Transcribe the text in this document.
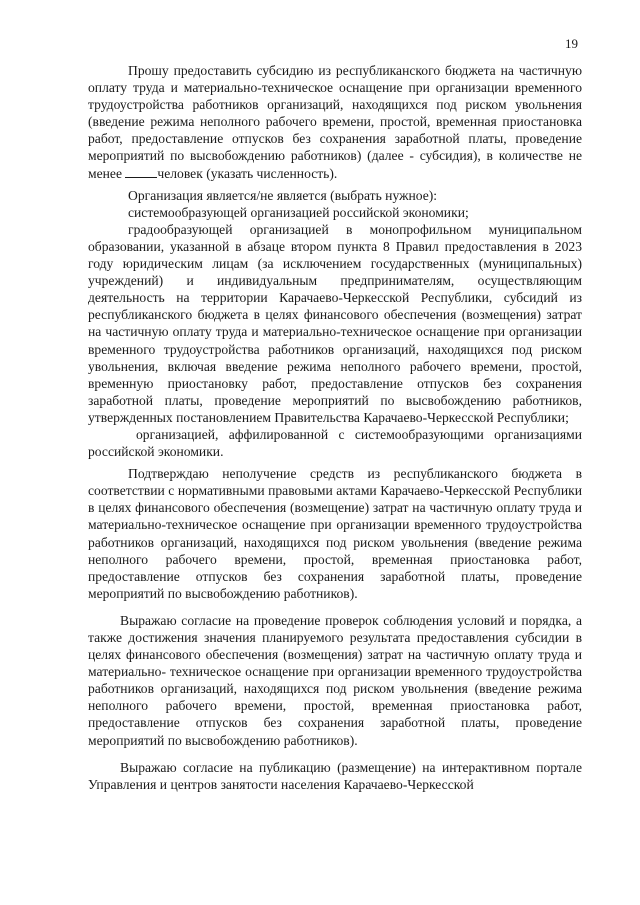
19

Прошу предоставить субсидию из республиканского бюджета на частичную оплату труда и материально-техническое оснащение при организации временного трудоустройства работников организаций, находящихся под риском увольнения (введение режима неполного рабочего времени, простой, временная приостановка работ, предоставление отпусков без сохранения заработной платы, проведение мероприятий по высвобождению работников) (далее - субсидия), в количестве не менее человек (указать численность).

Организация является/не является (выбрать нужное):

системообразующей организацией российской экономики;

градообразующей организацией в монопрофильном муниципальном образовании, указанной в абзаце втором пункта 8 Правил предоставления в 2023 году юридическим лицам (за исключением государственных (муниципальных) учреждений) и индивидуальным предпринимателям, осуществляющим деятельность на территории Карачаево-Черкесской Республики, субсидий из республиканского бюджета в целях финансового обеспечения (возмещения) затрат на частичную оплату труда и материально-техническое оснащение при организации временного трудоустройства работников организаций, находящихся под риском увольнения, включая введение режима неполного рабочего времени, простой, временную приостановку работ, предоставление отпусков без сохранения заработной платы, проведение мероприятий по высвобождению работников, утвержденных постановлением Правительства Карачаево-Черкесской Республики;

организацией, аффилированной с системообразующими организациями российской экономики.

Подтверждаю неполучение средств из республиканского бюджета в соответствии с нормативными правовыми актами Карачаево-Черкесской Республики в целях финансового обеспечения (возмещение) затрат на частичную оплату труда и материально-техническое оснащение при организации временного трудоустройства работников организаций, находящихся под риском увольнения (введение режима неполного рабочего времени, простой, временная приостановка работ, предоставление отпусков без сохранения заработной платы, проведение мероприятий по высвобождению работников).

Выражаю согласие на проведение проверок соблюдения условий и порядка, а также достижения значения планируемого результата предоставления субсидии в целях финансового обеспечения (возмещения) затрат на частичную оплату труда и материально- техническое оснащение при организации временного трудоустройства работников организаций, находящихся под риском увольнения (введение режима неполного рабочего времени, простой, временная приостановка работ, предоставление отпусков без сохранения заработной платы, проведение мероприятий по высвобождению работников).

Выражаю согласие на публикацию (размещение) на интерактивном портале Управления и центров занятости населения Карачаево-Черкесской
